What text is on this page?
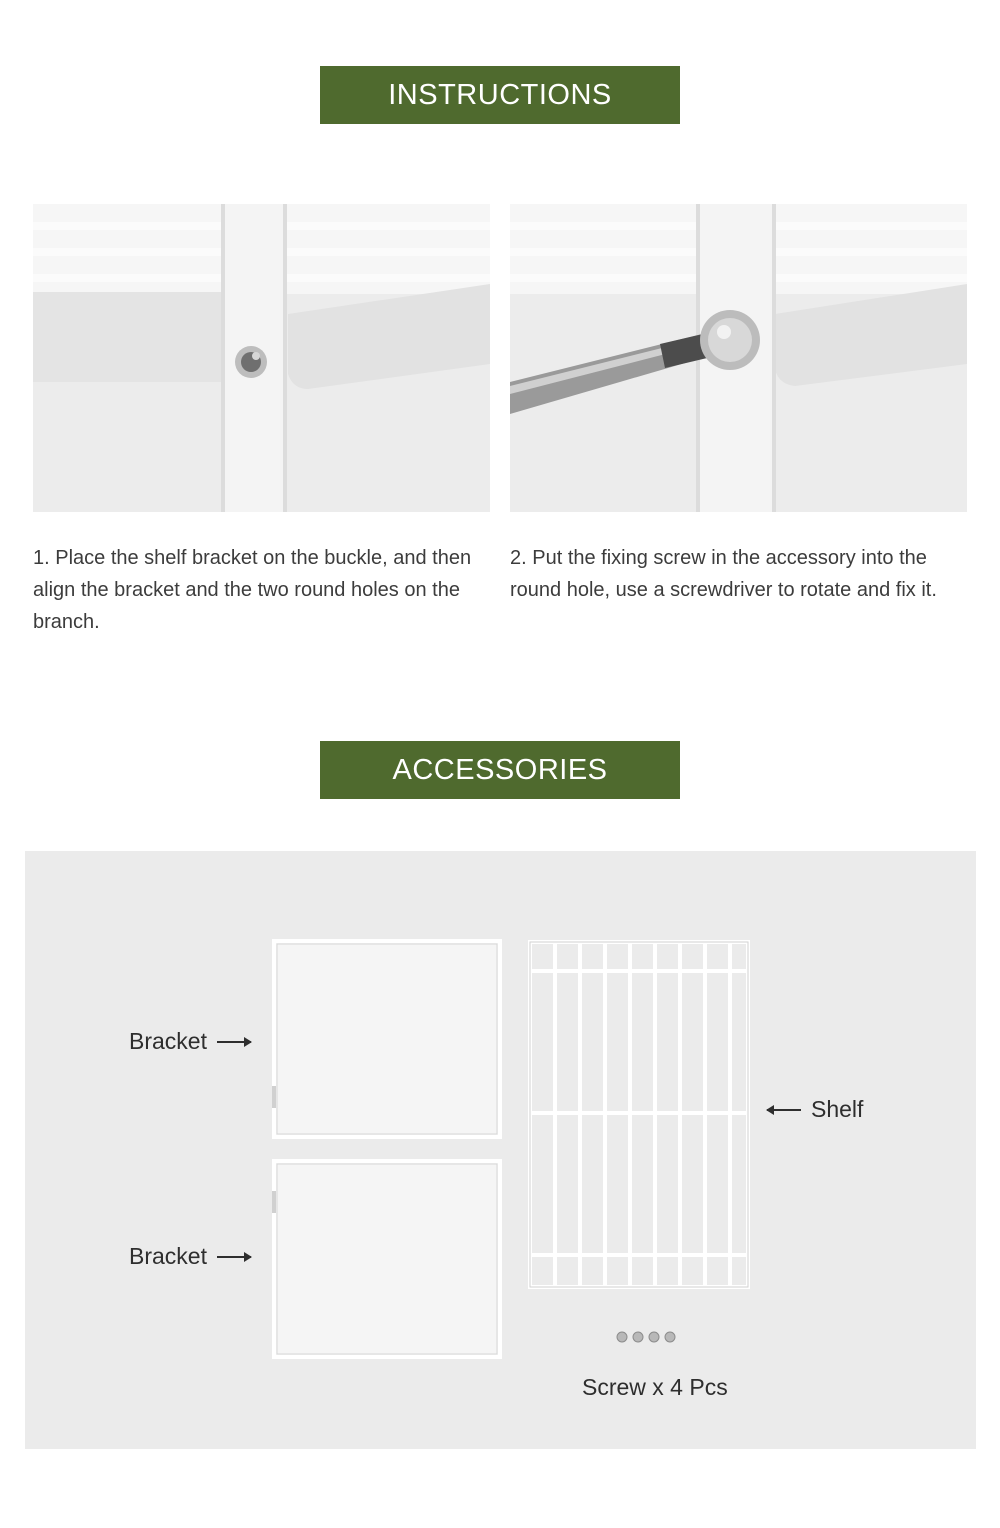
INSTRUCTIONS
1. Place the shelf bracket on the buckle, and then align the bracket and the two round holes on the branch.
2. Put the fixing screw in the accessory into the round hole, use a screwdriver to rotate and fix it.
ACCESSORIES
Bracket
Bracket
Shelf
Screw x 4 Pcs
